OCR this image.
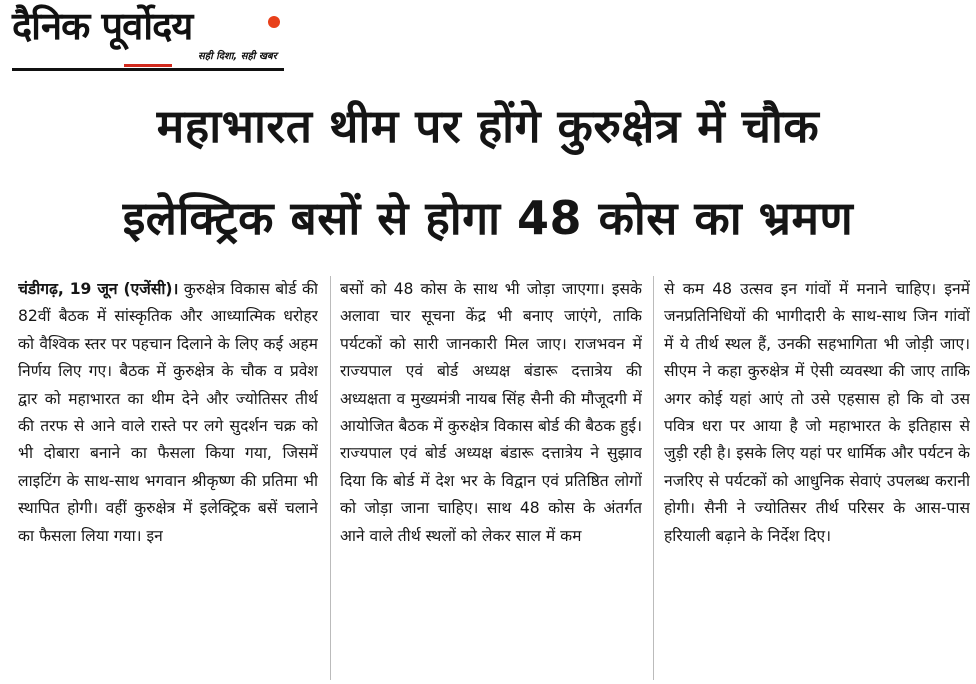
दैनिक पूर्वोदय
सही दिशा, सही खबर
महाभारत थीम पर होंगे कुरुक्षेत्र में चौक
इलेक्ट्रिक बसों से होगा 48 कोस का भ्रमण
चंडीगढ़, 19 जून (एजेंसी)। कुरुक्षेत्र विकास बोर्ड की 82वीं बैठक में सांस्कृतिक और आध्यात्मिक धरोहर को वैश्विक स्तर पर पहचान दिलाने के लिए कई अहम निर्णय लिए गए। बैठक में कुरुक्षेत्र के चौक व प्रवेश द्वार को महाभारत का थीम देने और ज्योतिसर तीर्थ की तरफ से आने वाले रास्ते पर लगे सुदर्शन चक्र को भी दोबारा बनाने का फैसला किया गया, जिसमें लाइटिंग के साथ-साथ भगवान श्रीकृष्ण की प्रतिमा भी स्थापित होगी। वहीं कुरुक्षेत्र में इलेक्ट्रिक बसें चलाने का फैसला लिया गया। इन
बसों को 48 कोस के साथ भी जोड़ा जाएगा। इसके अलावा चार सूचना केंद्र भी बनाए जाएंगे, ताकि पर्यटकों को सारी जानकारी मिल जाए। राजभवन में राज्यपाल एवं बोर्ड अध्यक्ष बंडारू दत्तात्रेय की अध्यक्षता व मुख्यमंत्री नायब सिंह सैनी की मौजूदगी में आयोजित बैठक में कुरुक्षेत्र विकास बोर्ड की बैठक हुई। राज्यपाल एवं बोर्ड अध्यक्ष बंडारू दत्तात्रेय ने सुझाव दिया कि बोर्ड में देश भर के विद्वान एवं प्रतिष्ठित लोगों को जोड़ा जाना चाहिए। साथ 48 कोस के अंतर्गत आने वाले तीर्थ स्थलों को लेकर साल में कम
से कम 48 उत्सव इन गांवों में मनाने चाहिए। इनमें जनप्रतिनिधियों की भागीदारी के साथ-साथ जिन गांवों में ये तीर्थ स्थल हैं, उनकी सहभागिता भी जोड़ी जाए। सीएम ने कहा कुरुक्षेत्र में ऐसी व्यवस्था की जाए ताकि अगर कोई यहां आएं तो उसे एहसास हो कि वो उस पवित्र धरा पर आया है जो महाभारत के इतिहास से जुड़ी रही है। इसके लिए यहां पर धार्मिक और पर्यटन के नजरिए से पर्यटकों को आधुनिक सेवाएं उपलब्ध करानी होगी। सैनी ने ज्योतिसर तीर्थ परिसर के आस-पास हरियाली बढ़ाने के निर्देश दिए।
